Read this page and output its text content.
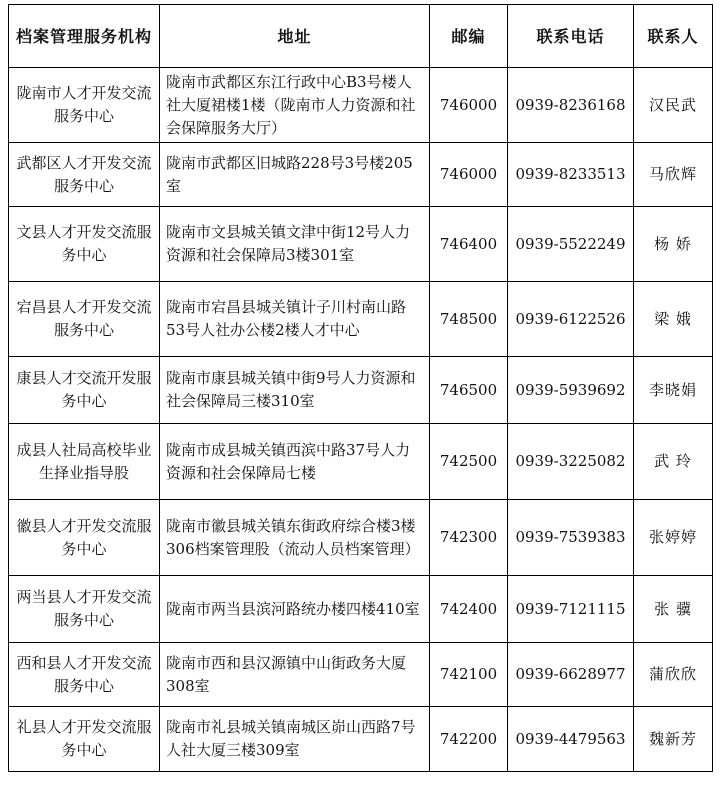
档案管理服务机构	地址	邮编	联系电话	联系人
陇南市人才开发交流服务中心	陇南市武都区东江行政中心B3号楼人社大厦裙楼1楼（陇南市人力资源和社会保障服务大厅）	746000	0939-8236168	汉民武
武都区人才开发交流服务中心	陇南市武都区旧城路228号3号楼205室	746000	0939-8233513	马欣辉
文县人才开发交流服务中心	陇南市文县城关镇文津中街12号人力资源和社会保障局3楼301室	746400	0939-5522249	杨 娇
宕昌县人才开发交流服务中心	陇南市宕昌县城关镇计子川村南山路53号人社办公楼2楼人才中心	748500	0939-6122526	梁 娥
康县人才交流开发服务中心	陇南市康县城关镇中街9号人力资源和社会保障局三楼310室	746500	0939-5939692	李晓娟
成县人社局高校毕业生择业指导股	陇南市成县城关镇西滨中路37号人力资源和社会保障局七楼	742500	0939-3225082	武 玲
徽县人才开发交流服务中心	陇南市徽县城关镇东街政府综合楼3楼306档案管理股（流动人员档案管理）	742300	0939-7539383	张婷婷
两当县人才开发交流服务中心	陇南市两当县滨河路统办楼四楼410室	742400	0939-7121115	张 骥
西和县人才开发交流服务中心	陇南市西和县汉源镇中山街政务大厦308室	742100	0939-6628977	蒲欣欣
礼县人才开发交流服务中心	陇南市礼县城关镇南城区峁山西路7号人社大厦三楼309室	742200	0939-4479563	魏新芳
